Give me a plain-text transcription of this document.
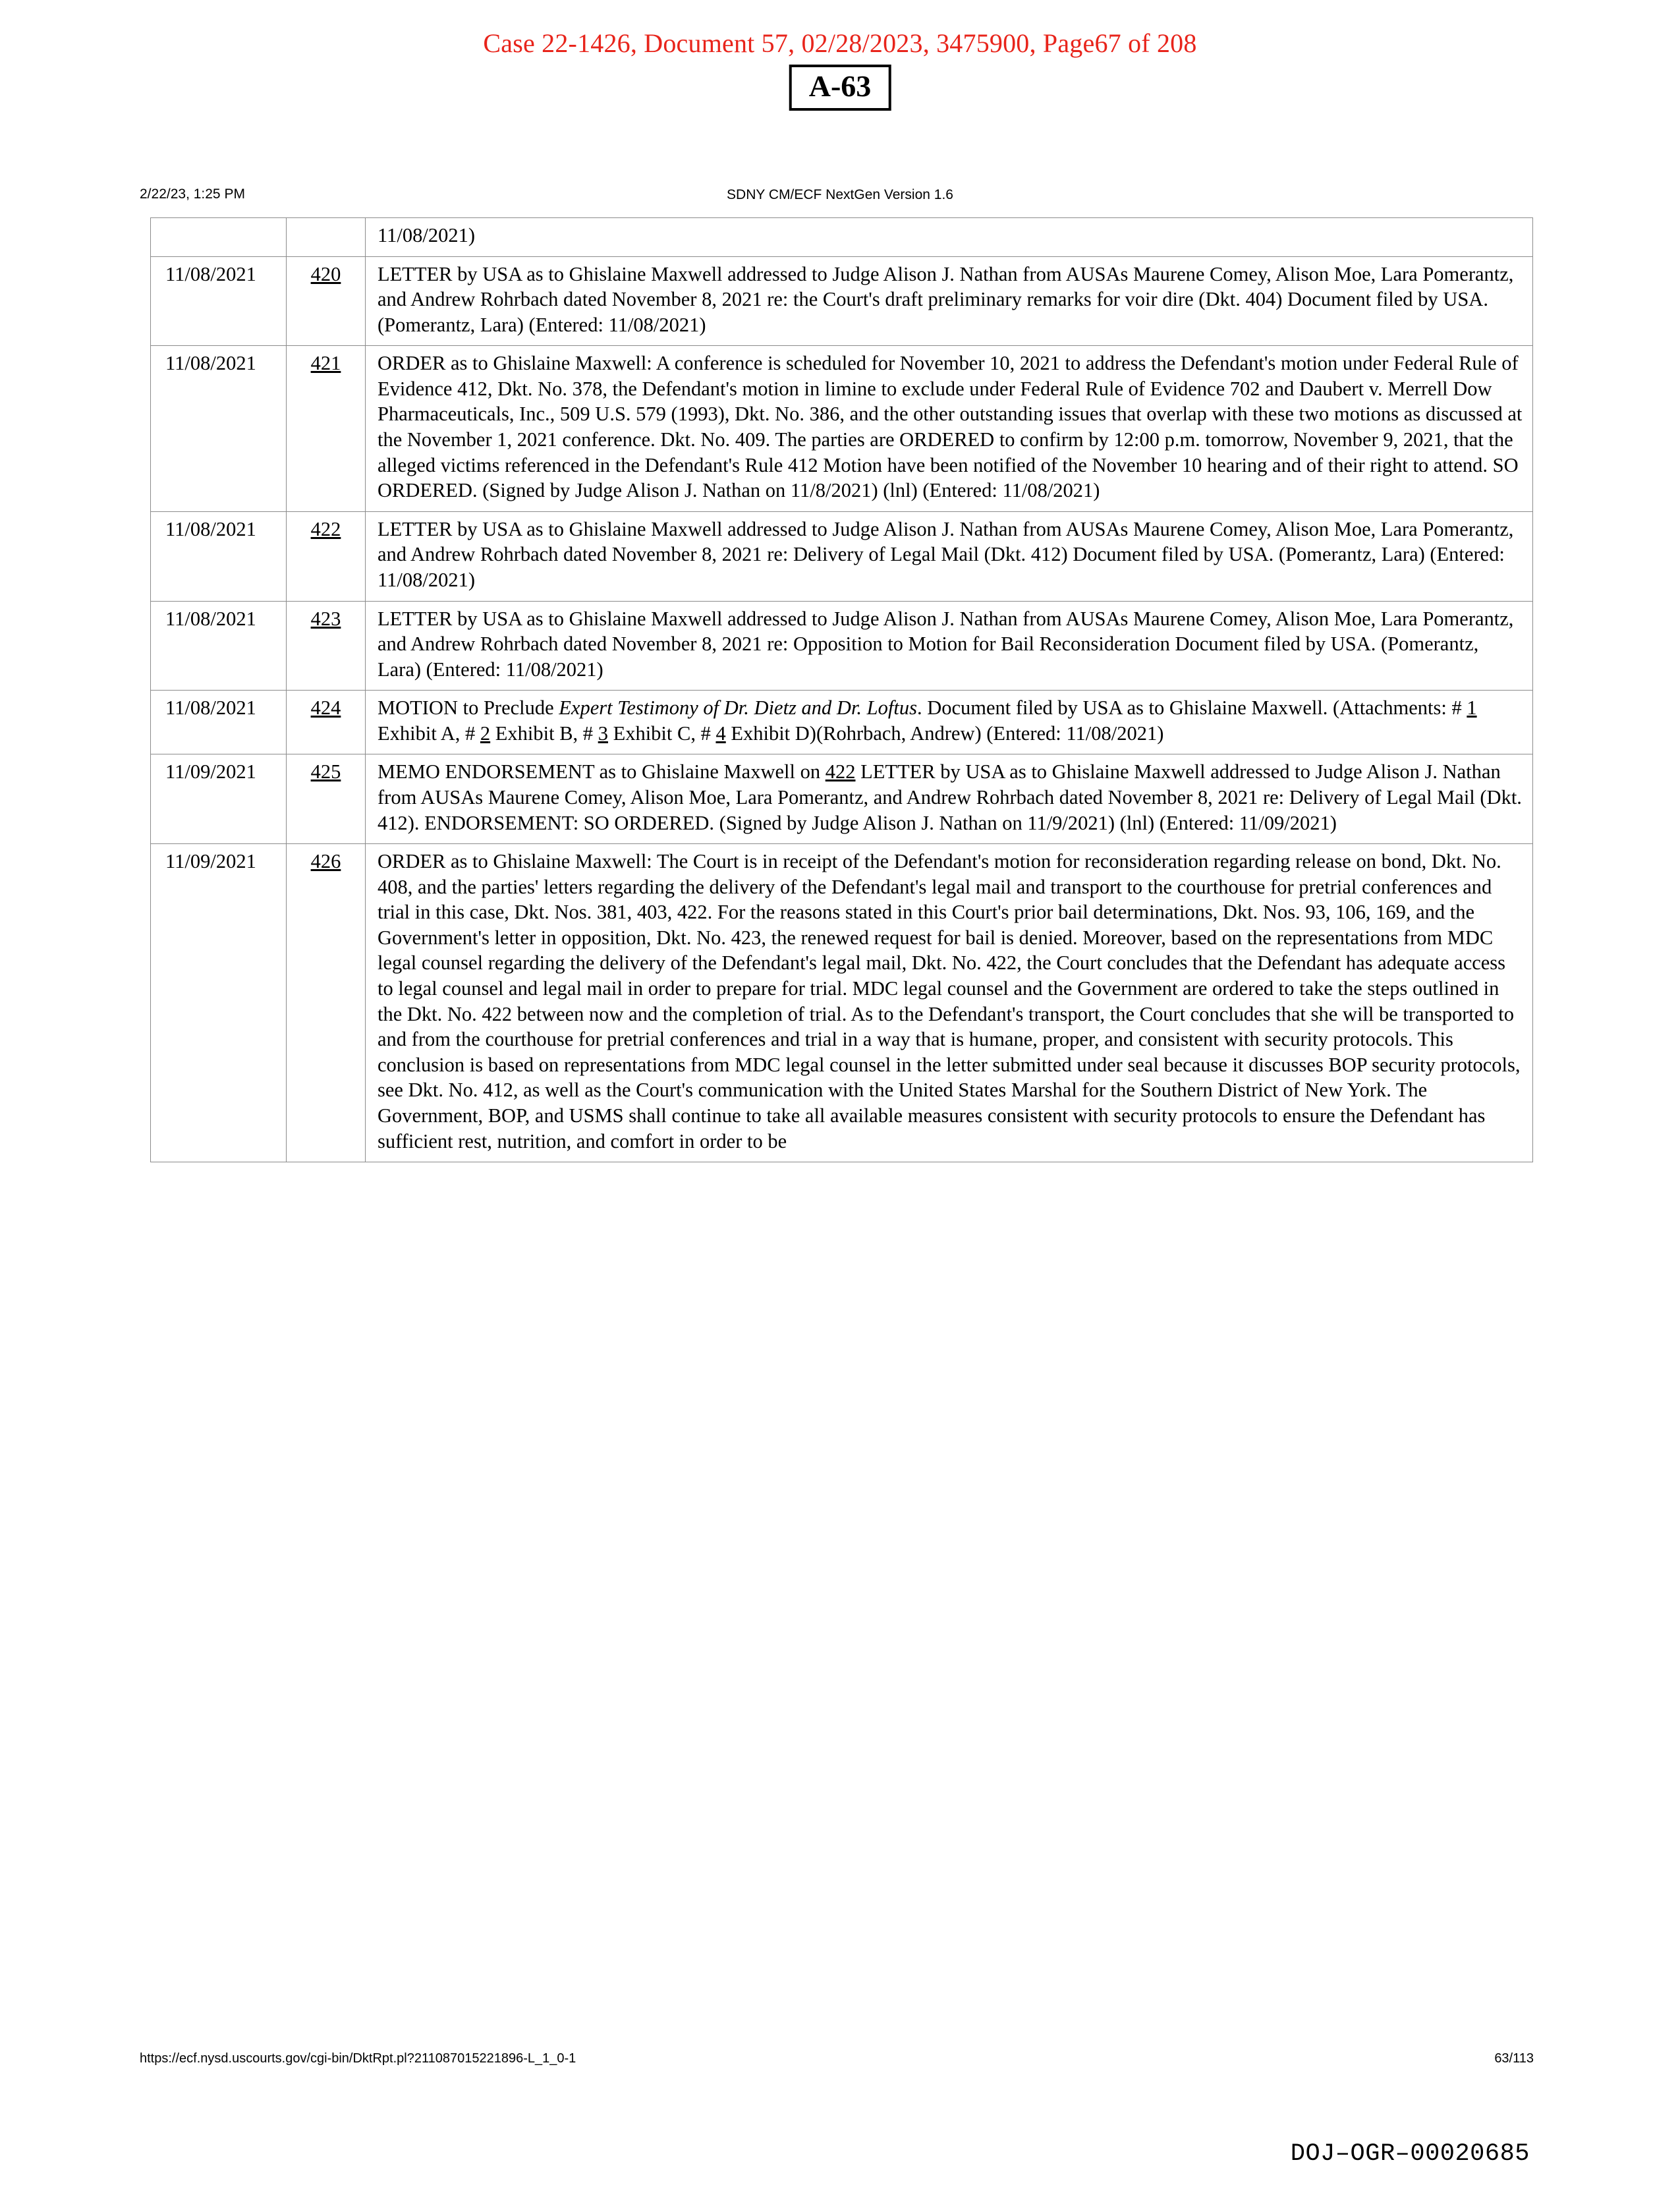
Case 22-1426, Document 57, 02/28/2023, 3475900, Page67 of 208
A-63
2/22/23, 1:25 PM	SDNY CM/ECF NextGen Version 1.6
		11/08/2021)
11/08/2021	420	LETTER by USA as to Ghislaine Maxwell addressed to Judge Alison J. Nathan from AUSAs Maurene Comey, Alison Moe, Lara Pomerantz, and Andrew Rohrbach dated November 8, 2021 re: the Court's draft preliminary remarks for voir dire (Dkt. 404) Document filed by USA. (Pomerantz, Lara) (Entered: 11/08/2021)
11/08/2021	421	ORDER as to Ghislaine Maxwell: A conference is scheduled for November 10, 2021 to address the Defendant's motion under Federal Rule of Evidence 412, Dkt. No. 378, the Defendant's motion in limine to exclude under Federal Rule of Evidence 702 and Daubert v. Merrell Dow Pharmaceuticals, Inc., 509 U.S. 579 (1993), Dkt. No. 386, and the other outstanding issues that overlap with these two motions as discussed at the November 1, 2021 conference. Dkt. No. 409. The parties are ORDERED to confirm by 12:00 p.m. tomorrow, November 9, 2021, that the alleged victims referenced in the Defendant's Rule 412 Motion have been notified of the November 10 hearing and of their right to attend. SO ORDERED. (Signed by Judge Alison J. Nathan on 11/8/2021) (lnl) (Entered: 11/08/2021)
11/08/2021	422	LETTER by USA as to Ghislaine Maxwell addressed to Judge Alison J. Nathan from AUSAs Maurene Comey, Alison Moe, Lara Pomerantz, and Andrew Rohrbach dated November 8, 2021 re: Delivery of Legal Mail (Dkt. 412) Document filed by USA. (Pomerantz, Lara) (Entered: 11/08/2021)
11/08/2021	423	LETTER by USA as to Ghislaine Maxwell addressed to Judge Alison J. Nathan from AUSAs Maurene Comey, Alison Moe, Lara Pomerantz, and Andrew Rohrbach dated November 8, 2021 re: Opposition to Motion for Bail Reconsideration Document filed by USA. (Pomerantz, Lara) (Entered: 11/08/2021)
11/08/2021	424	MOTION to Preclude Expert Testimony of Dr. Dietz and Dr. Loftus. Document filed by USA as to Ghislaine Maxwell. (Attachments: # 1 Exhibit A, # 2 Exhibit B, # 3 Exhibit C, # 4 Exhibit D)(Rohrbach, Andrew) (Entered: 11/08/2021)
11/09/2021	425	MEMO ENDORSEMENT as to Ghislaine Maxwell on 422 LETTER by USA as to Ghislaine Maxwell addressed to Judge Alison J. Nathan from AUSAs Maurene Comey, Alison Moe, Lara Pomerantz, and Andrew Rohrbach dated November 8, 2021 re: Delivery of Legal Mail (Dkt. 412). ENDORSEMENT: SO ORDERED. (Signed by Judge Alison J. Nathan on 11/9/2021) (lnl) (Entered: 11/09/2021)
11/09/2021	426	ORDER as to Ghislaine Maxwell: The Court is in receipt of the Defendant's motion for reconsideration regarding release on bond, Dkt. No. 408, and the parties' letters regarding the delivery of the Defendant's legal mail and transport to the courthouse for pretrial conferences and trial in this case, Dkt. Nos. 381, 403, 422. For the reasons stated in this Court's prior bail determinations, Dkt. Nos. 93, 106, 169, and the Government's letter in opposition, Dkt. No. 423, the renewed request for bail is denied. Moreover, based on the representations from MDC legal counsel regarding the delivery of the Defendant's legal mail, Dkt. No. 422, the Court concludes that the Defendant has adequate access to legal counsel and legal mail in order to prepare for trial. MDC legal counsel and the Government are ordered to take the steps outlined in the Dkt. No. 422 between now and the completion of trial. As to the Defendant's transport, the Court concludes that she will be transported to and from the courthouse for pretrial conferences and trial in a way that is humane, proper, and consistent with security protocols. This conclusion is based on representations from MDC legal counsel in the letter submitted under seal because it discusses BOP security protocols, see Dkt. No. 412, as well as the Court's communication with the United States Marshal for the Southern District of New York. The Government, BOP, and USMS shall continue to take all available measures consistent with security protocols to ensure the Defendant has sufficient rest, nutrition, and comfort in order to be
https://ecf.nysd.uscourts.gov/cgi-bin/DktRpt.pl?211087015221896-L_1_0-1	63/113
DOJ–OGR–00020685
